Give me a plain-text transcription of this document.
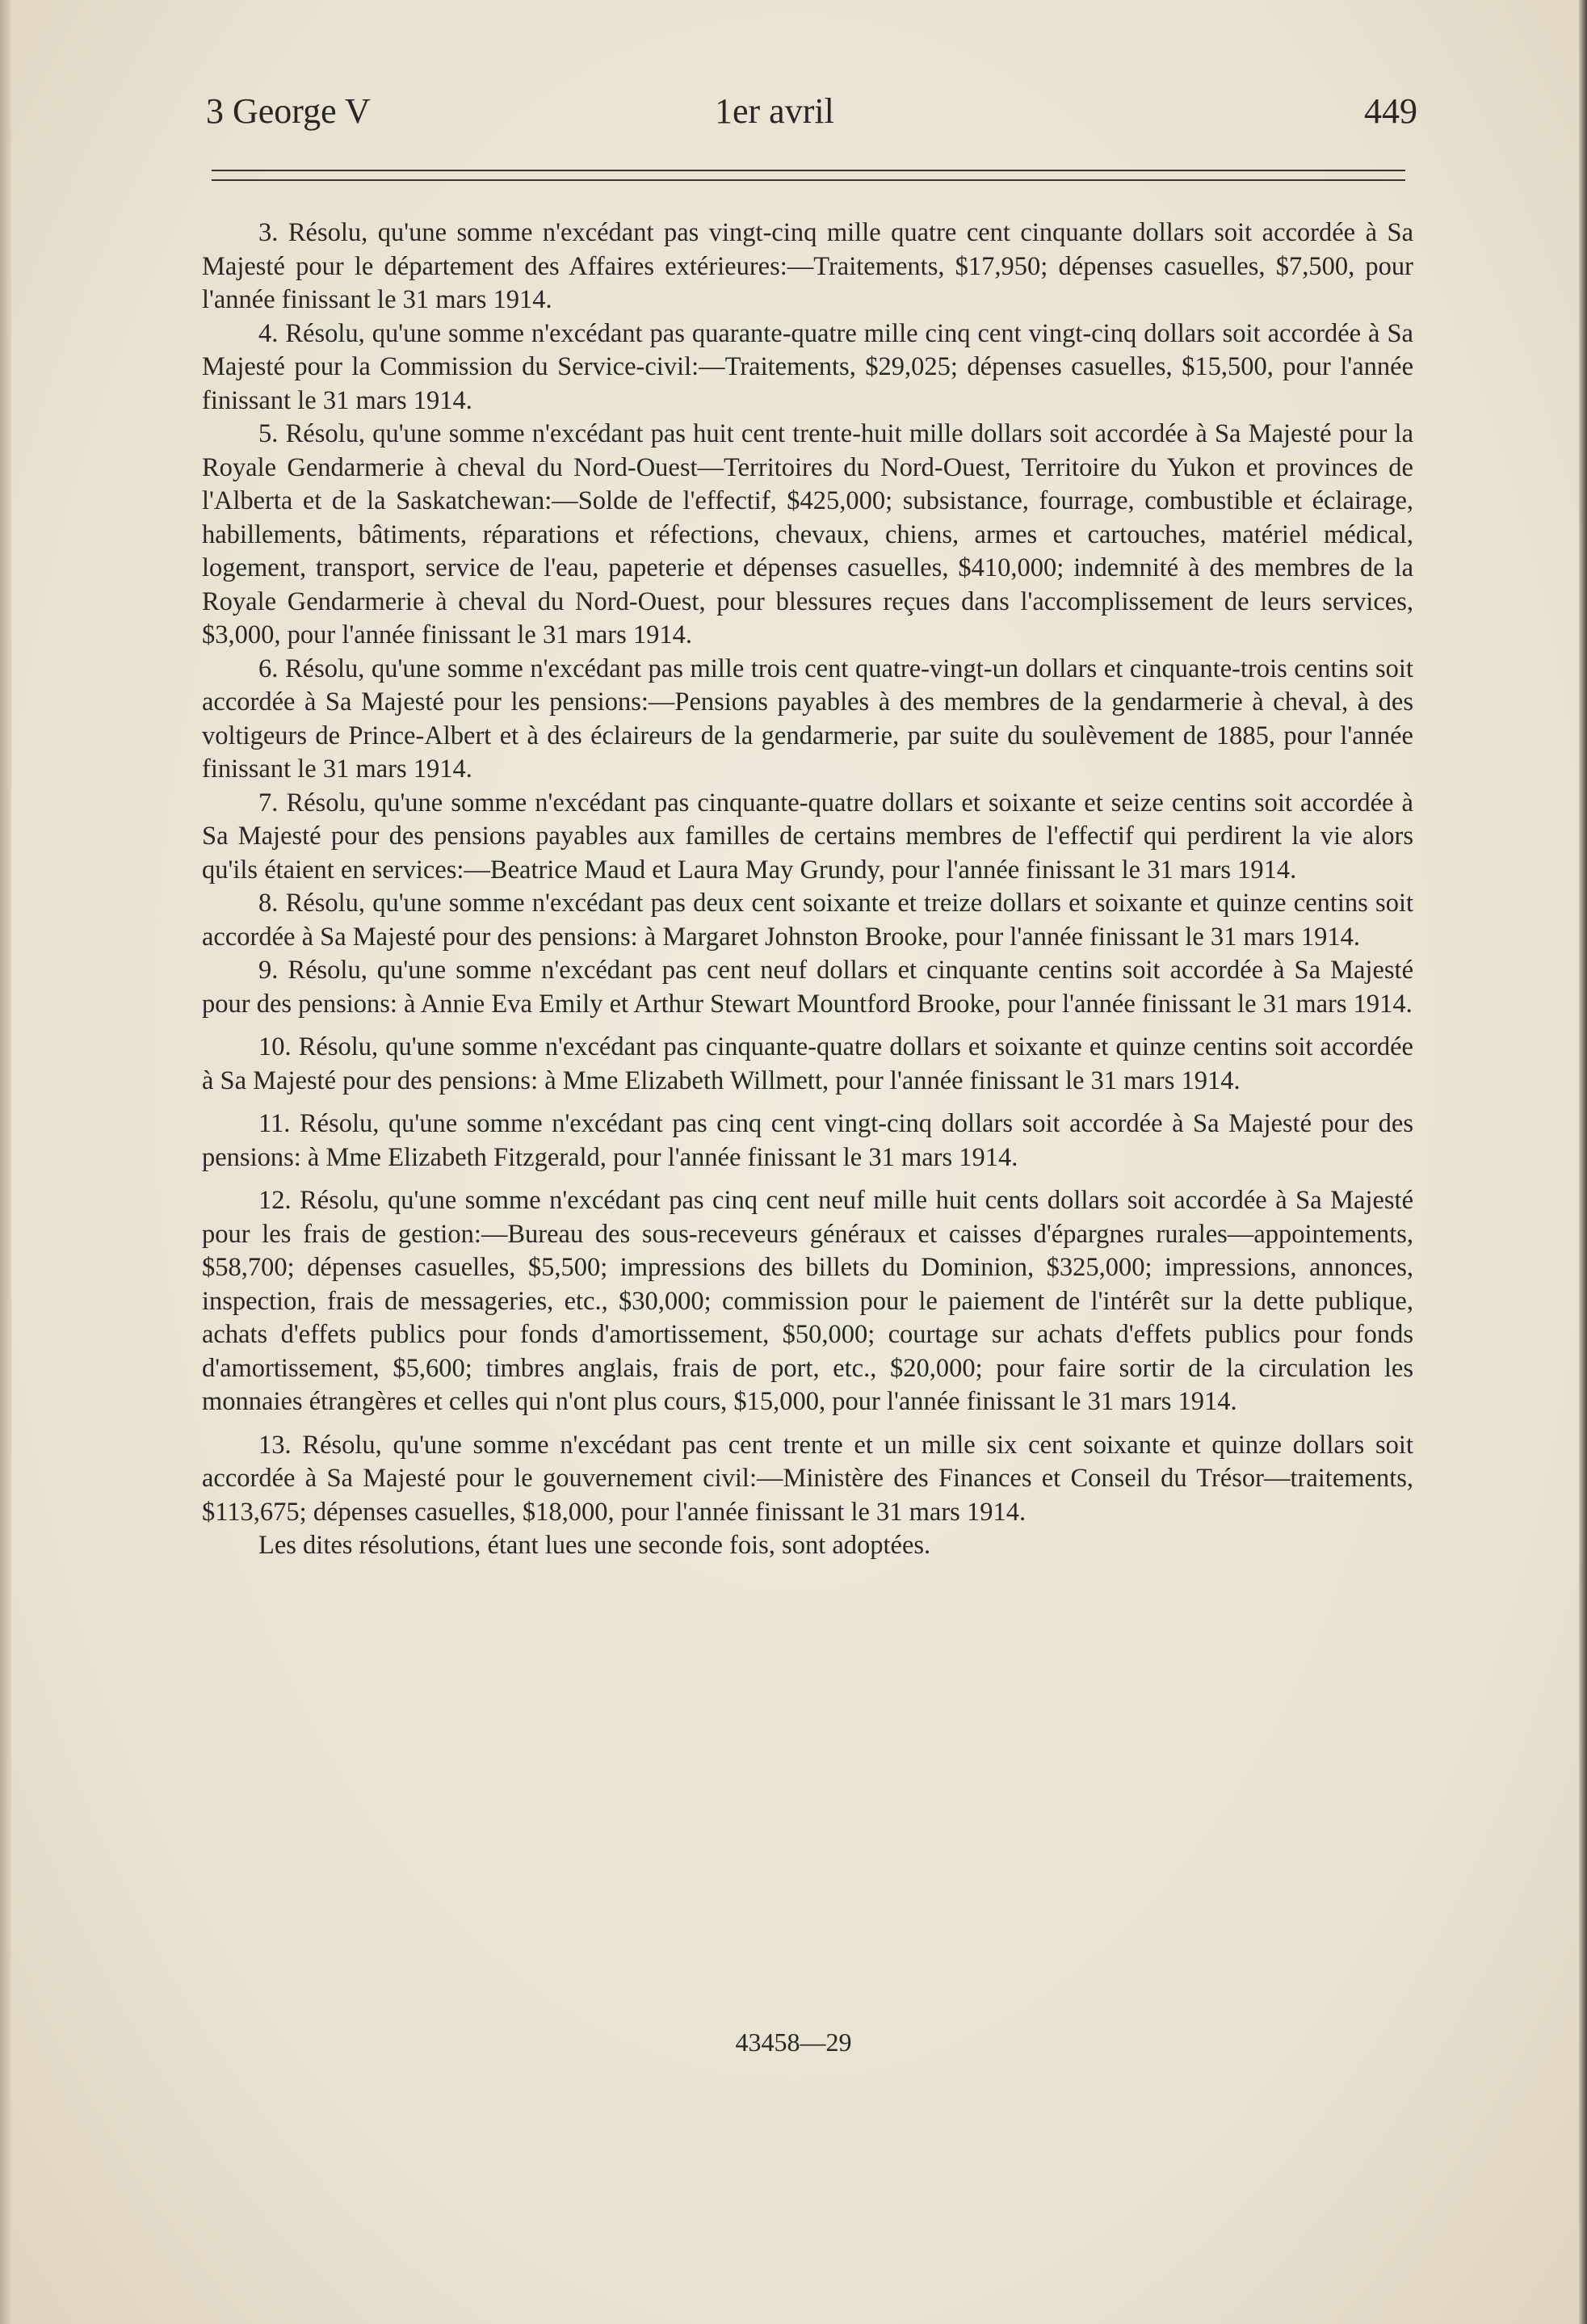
3 George V	1er avril	449

3. Résolu, qu'une somme n'excédant pas vingt-cinq mille quatre cent cinquante dollars soit accordée à Sa Majesté pour le département des Affaires extérieures:—Traitements, $17,950; dépenses casuelles, $7,500, pour l'année finissant le 31 mars 1914.

4. Résolu, qu'une somme n'excédant pas quarante-quatre mille cinq cent vingt-cinq dollars soit accordée à Sa Majesté pour la Commission du Service-civil:—Traitements, $29,025; dépenses casuelles, $15,500, pour l'année finissant le 31 mars 1914.

5. Résolu, qu'une somme n'excédant pas huit cent trente-huit mille dollars soit accordée à Sa Majesté pour la Royale Gendarmerie à cheval du Nord-Ouest—Territoires du Nord-Ouest, Territoire du Yukon et provinces de l'Alberta et de la Saskatchewan:—Solde de l'effectif, $425,000; subsistance, fourrage, combustible et éclairage, habillements, bâtiments, réparations et réfections, chevaux, chiens, armes et cartouches, matériel médical, logement, transport, service de l'eau, papeterie et dépenses casuelles, $410,000; indemnité à des membres de la Royale Gendarmerie à cheval du Nord-Ouest, pour blessures reçues dans l'accomplissement de leurs services, $3,000, pour l'année finissant le 31 mars 1914.

6. Résolu, qu'une somme n'excédant pas mille trois cent quatre-vingt-un dollars et cinquante-trois centins soit accordée à Sa Majesté pour les pensions:—Pensions payables à des membres de la gendarmerie à cheval, à des voltigeurs de Prince-Albert et à des éclaireurs de la gendarmerie, par suite du soulèvement de 1885, pour l'année finissant le 31 mars 1914.

7. Résolu, qu'une somme n'excédant pas cinquante-quatre dollars et soixante et seize centins soit accordée à Sa Majesté pour des pensions payables aux familles de certains membres de l'effectif qui perdirent la vie alors qu'ils étaient en services:—Beatrice Maud et Laura May Grundy, pour l'année finissant le 31 mars 1914.

8. Résolu, qu'une somme n'excédant pas deux cent soixante et treize dollars et soixante et quinze centins soit accordée à Sa Majesté pour des pensions: à Margaret Johnston Brooke, pour l'année finissant le 31 mars 1914.

9. Résolu, qu'une somme n'excédant pas cent neuf dollars et cinquante centins soit accordée à Sa Majesté pour des pensions: à Annie Eva Emily et Arthur Stewart Mountford Brooke, pour l'année finissant le 31 mars 1914.

10. Résolu, qu'une somme n'excédant pas cinquante-quatre dollars et soixante et quinze centins soit accordée à Sa Majesté pour des pensions: à Mme Elizabeth Willmett, pour l'année finissant le 31 mars 1914.

11. Résolu, qu'une somme n'excédant pas cinq cent vingt-cinq dollars soit accordée à Sa Majesté pour des pensions: à Mme Elizabeth Fitzgerald, pour l'année finissant le 31 mars 1914.

12. Résolu, qu'une somme n'excédant pas cinq cent neuf mille huit cents dollars soit accordée à Sa Majesté pour les frais de gestion:—Bureau des sous-receveurs généraux et caisses d'épargnes rurales—appointements, $58,700; dépenses casuelles, $5,500; impressions des billets du Dominion, $325,000; impressions, annonces, inspection, frais de messageries, etc., $30,000; commission pour le paiement de l'intérêt sur la dette publique, achats d'effets publics pour fonds d'amortissement, $50,000; courtage sur achats d'effets publics pour fonds d'amortissement, $5,600; timbres anglais, frais de port, etc., $20,000; pour faire sortir de la circulation les monnaies étrangères et celles qui n'ont plus cours, $15,000, pour l'année finissant le 31 mars 1914.

13. Résolu, qu'une somme n'excédant pas cent trente et un mille six cent soixante et quinze dollars soit accordée à Sa Majesté pour le gouvernement civil:—Ministère des Finances et Conseil du Trésor—traitements, $113,675; dépenses casuelles, $18,000, pour l'année finissant le 31 mars 1914.

Les dites résolutions, étant lues une seconde fois, sont adoptées.

43458—29
